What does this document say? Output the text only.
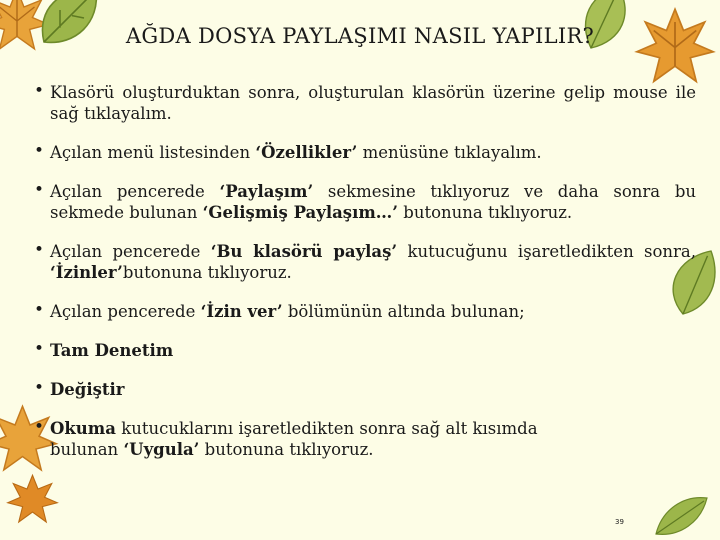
AĞDA DOSYA PAYLAŞIMI NASIL YAPILIR?
• Klasörü oluşturduktan sonra, oluşturulan klasörün üzerine gelip mouse ile sağ tıklayalım.
• Açılan menü listesinden ‘Özellikler’ menüsüne tıklayalım.
• Açılan pencerede ‘Paylaşım’ sekmesine tıklıyoruz ve daha sonra bu sekmede bulunan ‘Gelişmiş Paylaşım…’ butonuna tıklıyoruz.
• Açılan pencerede ‘Bu klasörü paylaş’ kutucuğunu işaretledikten sonra, ‘İzinler’butonuna tıklıyoruz.
• Açılan pencerede ‘İzin ver’ bölümünün altında bulunan;
• Tam Denetim
• Değiştir
• Okuma kutucuklarını işaretledikten sonra sağ alt kısımda bulunan ‘Uygula’ butonuna tıklıyoruz.
39
